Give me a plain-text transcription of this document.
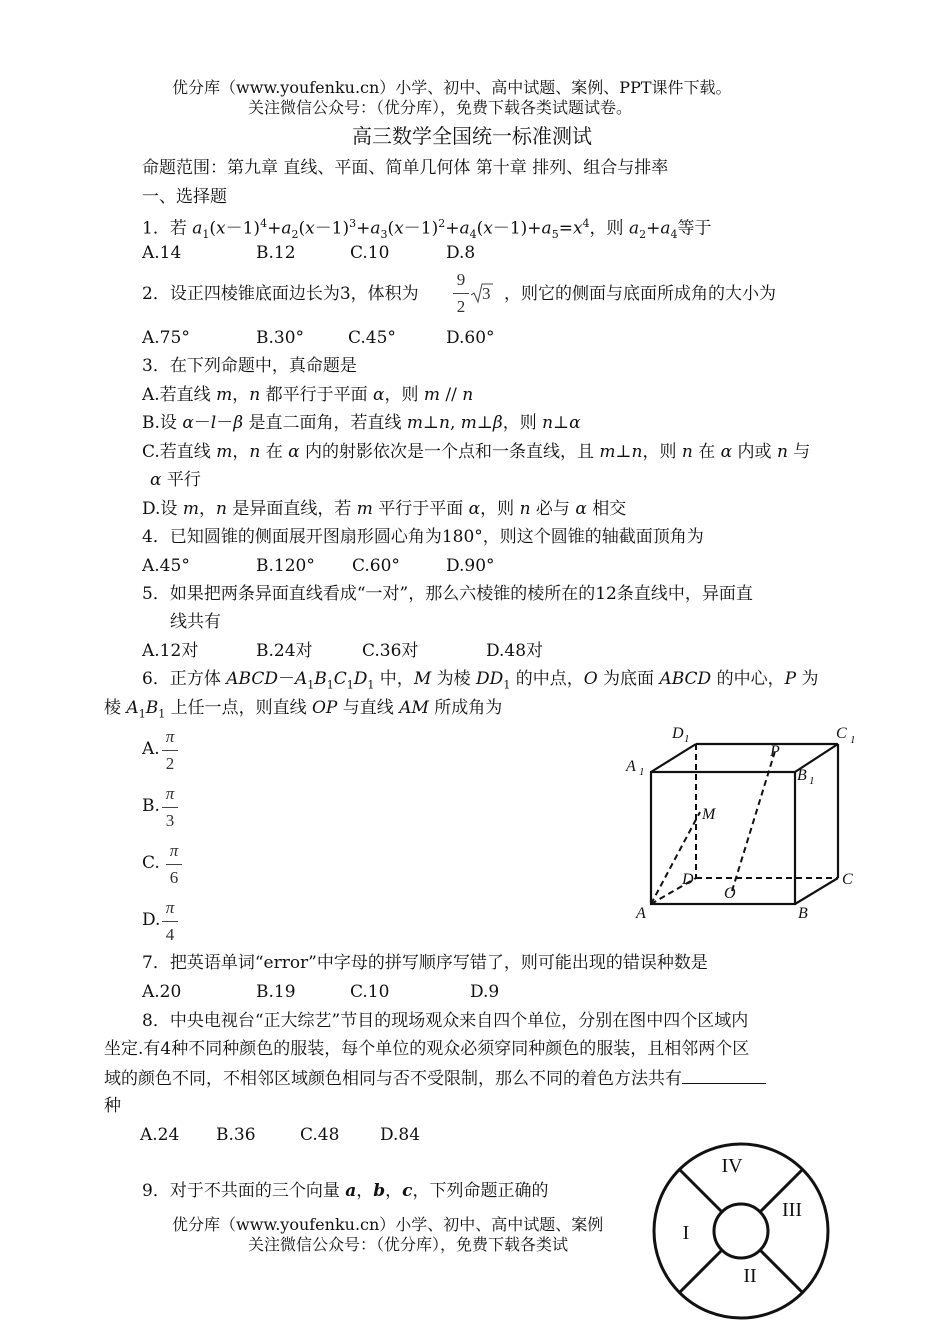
优分库（www.youfenku.cn）小学、初中、高中试题、案例、PPT课件下载。
关注微信公众号：（优分库），免费下载各类试题试卷。
高三数学全国统一标准测试
命题范围：第九章 直线、平面、简单几何体 第十章 排列、组合与排率
一、选择题
1．若 $a_1(x-1)^4+a_2(x-1)^3+a_3(x-1)^2+a_4(x-1)+a_5=x^4$，则 $a_2+a_4$等于
A.14	B.12	C.10	D.8
2．设正四棱锥底面边长为3，体积为
9
2
3 ，则它的侧面与底面所成角的大小为
A.75°	B.30°	C.45°	D.60°
3．在下列命题中，真命题是
A.若直线 m，n 都平行于平面 α，则 m // n
B.设 α－l－β 是直二面角，若直线 m⊥n, m⊥β，则 n⊥α
C.若直线 m，n 在 α 内的射影依次是一个点和一条直线，且 m⊥n，则 n 在 α 内或 n 与
α 平行
D.设 m，n 是异面直线，若 m 平行于平面 α，则 n 必与 α 相交
4．已知圆锥的侧面展开图扇形圆心角为180°，则这个圆锥的轴截面顶角为
A.45°	B.120° C.60°	D.90°
5．如果把两条异面直线看成“一对”，那么六棱锥的棱所在的12条直线中，异面直
线共有
A.12对	B.24对	C.36对	D.48对
6．正方体 $ABCD-A_1B_1C_1D_1$ 中，M 为棱 $DD_1$ 的中点，O 为底面 ABCD 的中心，P 为
棱 $A_1B_1$ 上任一点，则直线 OP 与直线 AM 所成角为
A.
π
2
B.
π
3
C.
π
6
D.
π
4
D 1	C 1
A 1	B 1
P
M
D
O
C
A	B
7．把英语单词“error”中字母的拼写顺序写错了，则可能出现的错误种数是
A.20	B.19	C.10	D.9
8．中央电视台“正大综艺”节目的现场观众来自四个单位，分别在图中四个区域内
坐定.有4种不同种颜色的服装，每个单位的观众必须穿同种颜色的服装，且相邻两个区
域的颜色不同，不相邻区域颜色相同与否不受限制，那么不同的着色方法共有
种
A.24 B.36	C.48 D.84
9．对于不共面的三个向量 a，b，c，下列命题正确的
优分库（www.youfenku.cn）小学、初中、高中试题、案例
关注微信公众号：（优分库），免费下载各类试
IV
III
II
I
